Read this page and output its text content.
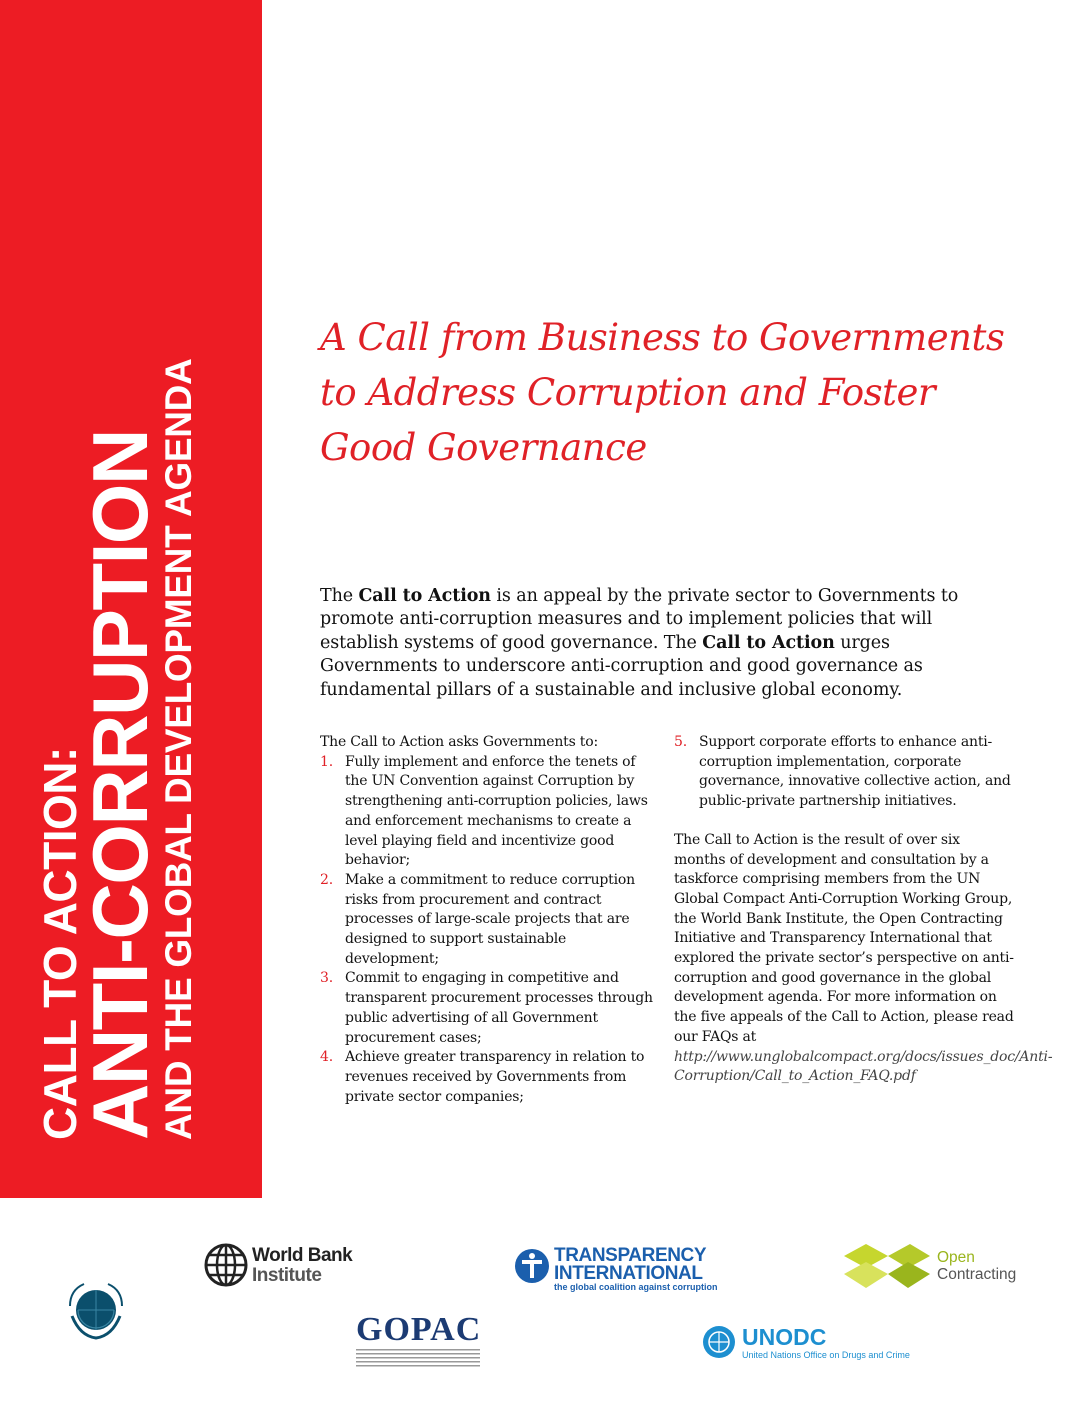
CALL TO ACTION:
ANTI-CORRUPTION
AND THE GLOBAL DEVELOPMENT AGENDA
A Call from Business to Governments
to Address Corruption and Foster
Good Governance

The Call to Action is an appeal by the private sector to Governments to promote anti-corruption measures and to implement policies that will establish systems of good governance. The Call to Action urges Governments to underscore anti-corruption and good governance as fundamental pillars of a sustainable and inclusive global economy.

The Call to Action asks Governments to:

1. Fully implement and enforce the tenets of the UN Convention against Corruption by strengthening anti-corruption policies, laws and enforcement mechanisms to create a level playing field and incentivize good behavior;
2. Make a commitment to reduce corruption risks from procurement and contract processes of large-scale projects that are designed to support sustainable development;
3. Commit to engaging in competitive and transparent procurement processes through public advertising of all Government procurement cases;
4. Achieve greater transparency in relation to revenues received by Governments from private sector companies;
5. Support corporate efforts to enhance anti-corruption implementation, corporate governance, innovative collective action, and public-private partnership initiatives.

The Call to Action is the result of over six months of development and consultation by a taskforce comprising members from the UN Global Compact Anti-Corruption Working Group, the World Bank Institute, the Open Contracting Initiative and Transparency International that explored the private sector’s perspective on anti-corruption and good governance in the global development agenda. For more information on the five appeals of the Call to Action, please read our FAQs at http://www.unglobalcompact.org/docs/issues_doc/Anti-Corruption/Call_to_Action_FAQ.pdf

World Bank
Institute
TRANSPARENCY
INTERNATIONAL
the global coalition against corruption
Open
Contracting
GOPAC	UNODC
United Nations Office on Drugs and Crime
